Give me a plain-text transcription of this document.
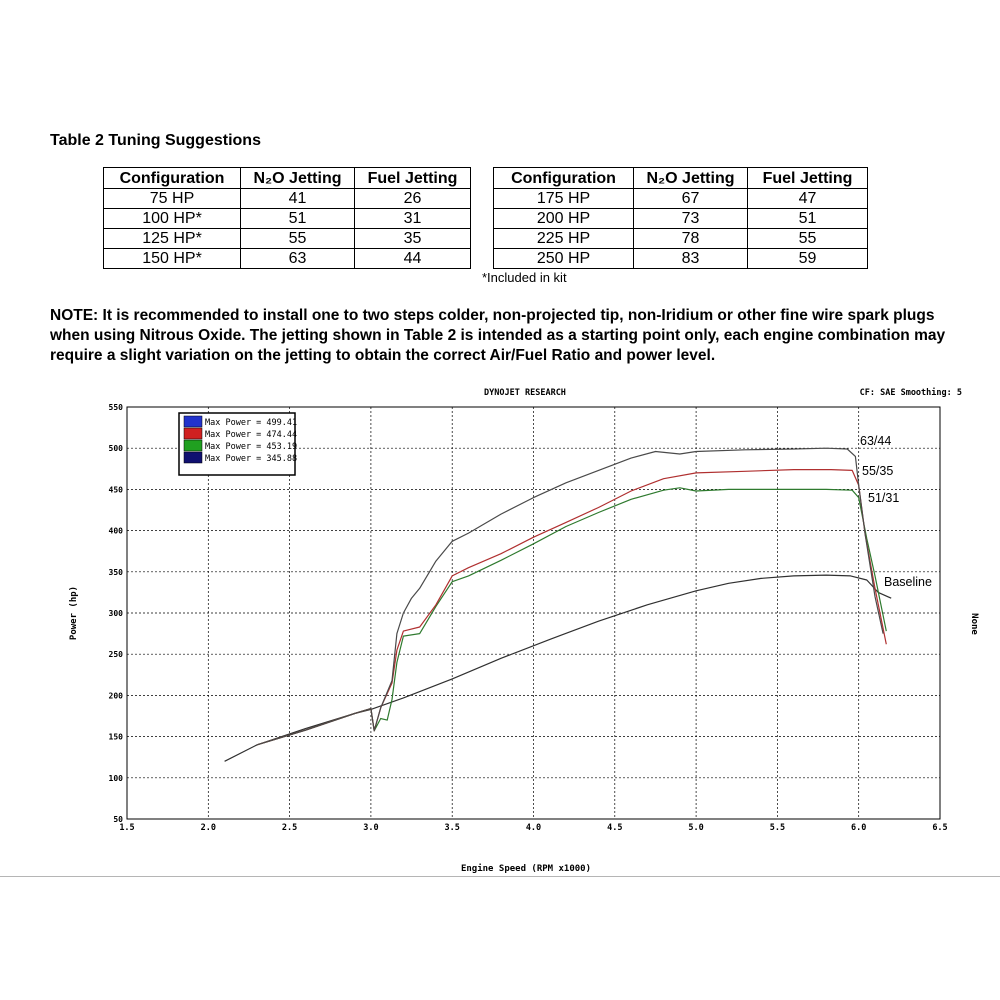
Table 2 Tuning Suggestions
Configuration	N₂O Jetting	Fuel Jetting		Configuration	N₂O Jetting	Fuel Jetting
75 HP	41	26		175 HP	67	47
100 HP*	51	31		200 HP	73	51
125 HP*	55	35		225 HP	78	55
150 HP*	63	44		250 HP	83	59
*Included in kit
NOTE: It is recommended to install one to two steps colder, non-projected tip, non-Iridium or other fine wire spark plugs when using Nitrous Oxide. The jetting shown in Table 2 is intended as a starting point only, each engine combination may require a slight variation on the jetting to obtain the correct Air/Fuel Ratio and power level.
1.5	2.0	2.5	3.0	3.5	4.0	4.5	5.0	5.5	6.0	6.5
550
500
450
400
350
300
250
200
150
100
50
DYNOJET RESEARCH	CF: SAE Smoothing: 5
Engine Speed (RPM x1000)
Power (hp)	None
Max Power = 499.41
Max Power = 474.44
Max Power = 453.19
Max Power = 345.88
63/44
55/35
51/31
Baseline
